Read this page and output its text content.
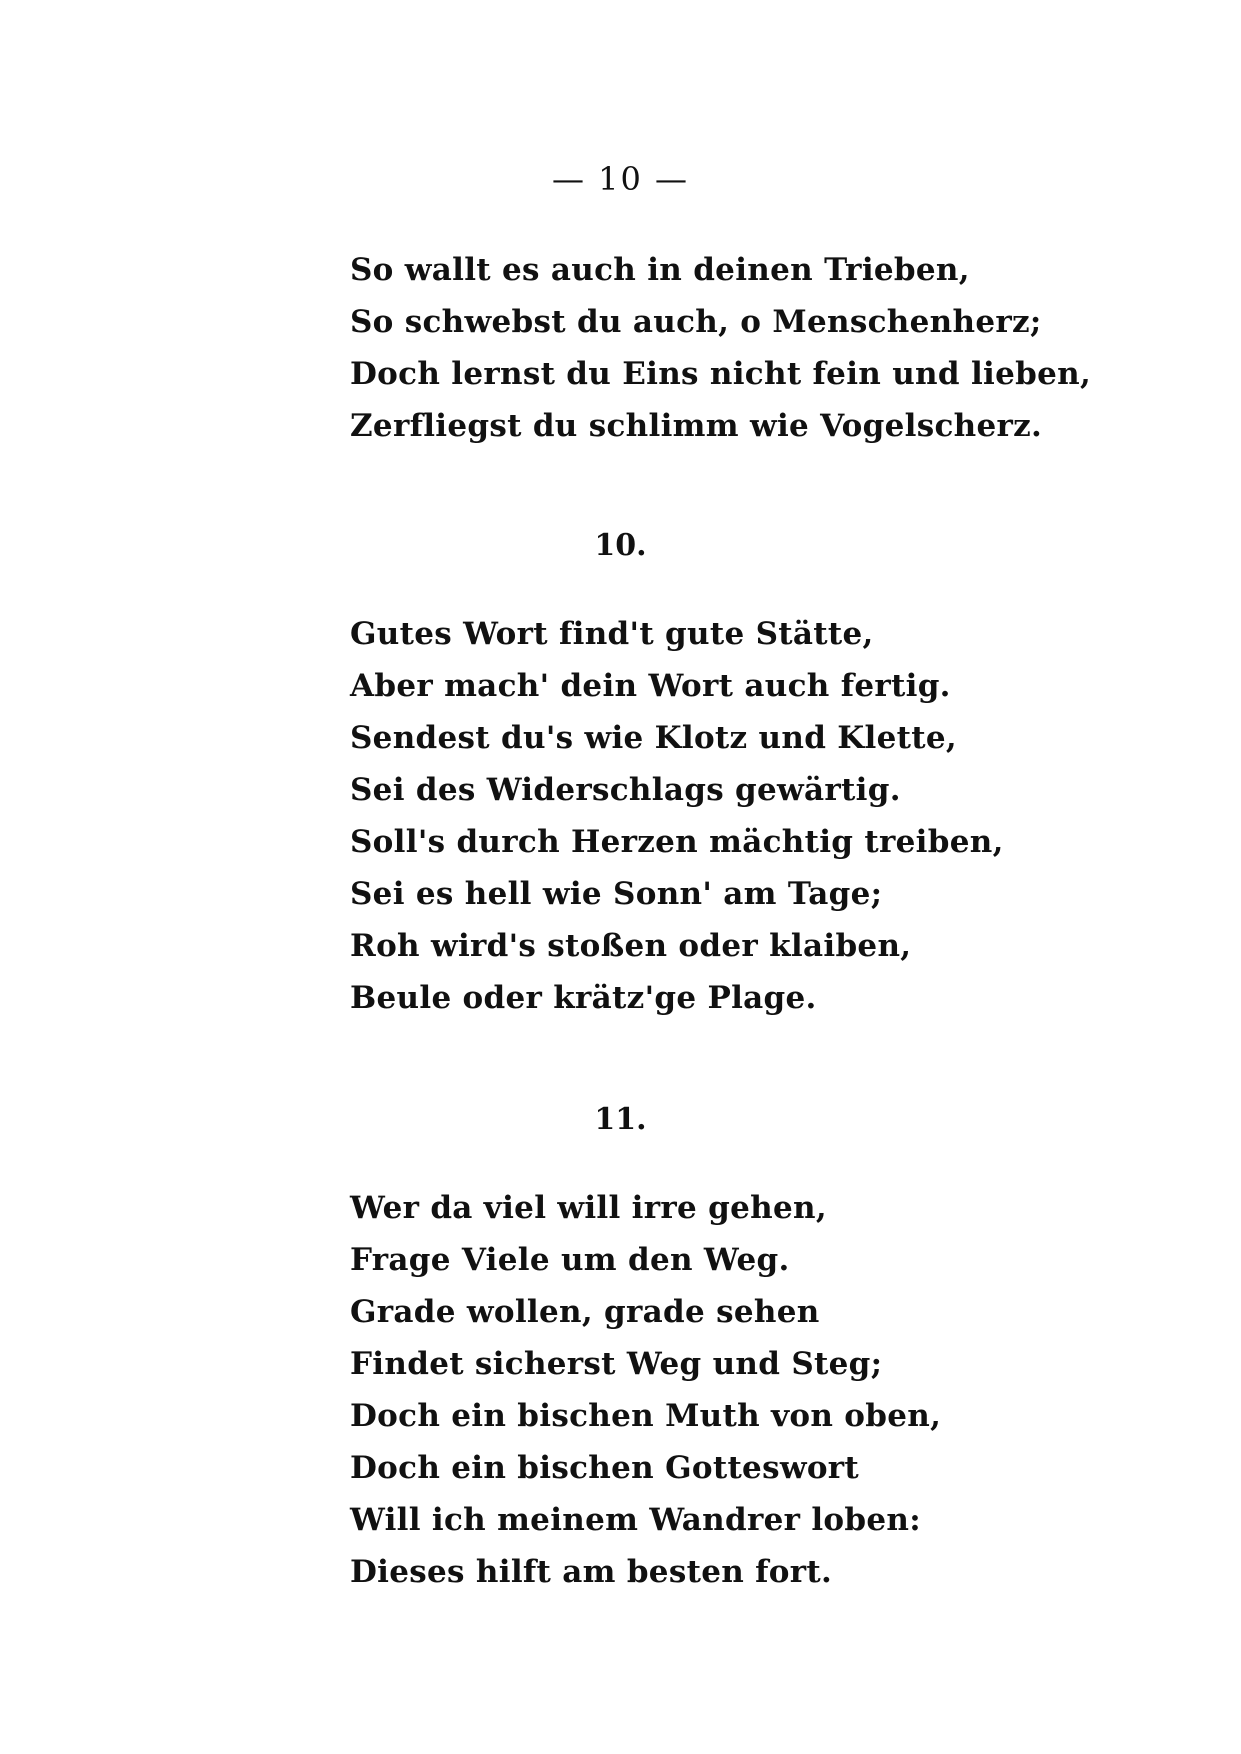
— 10 —
So wallt es auch in deinen Trieben,
So schwebst du auch, o Menschenherz;
Doch lernst du Eins nicht fein und lieben,
Zerfliegst du schlimm wie Vogelscherz.
10.
Gutes Wort find't gute Stätte,
Aber mach' dein Wort auch fertig.
Sendest du's wie Klotz und Klette,
Sei des Widerschlags gewärtig.
Soll's durch Herzen mächtig treiben,
Sei es hell wie Sonn' am Tage;
Roh wird's stoßen oder klaiben,
Beule oder krätz'ge Plage.
11.
Wer da viel will irre gehen,
Frage Viele um den Weg.
Grade wollen, grade sehen
Findet sicherst Weg und Steg;
Doch ein bischen Muth von oben,
Doch ein bischen Gotteswort
Will ich meinem Wandrer loben:
Dieses hilft am besten fort.
